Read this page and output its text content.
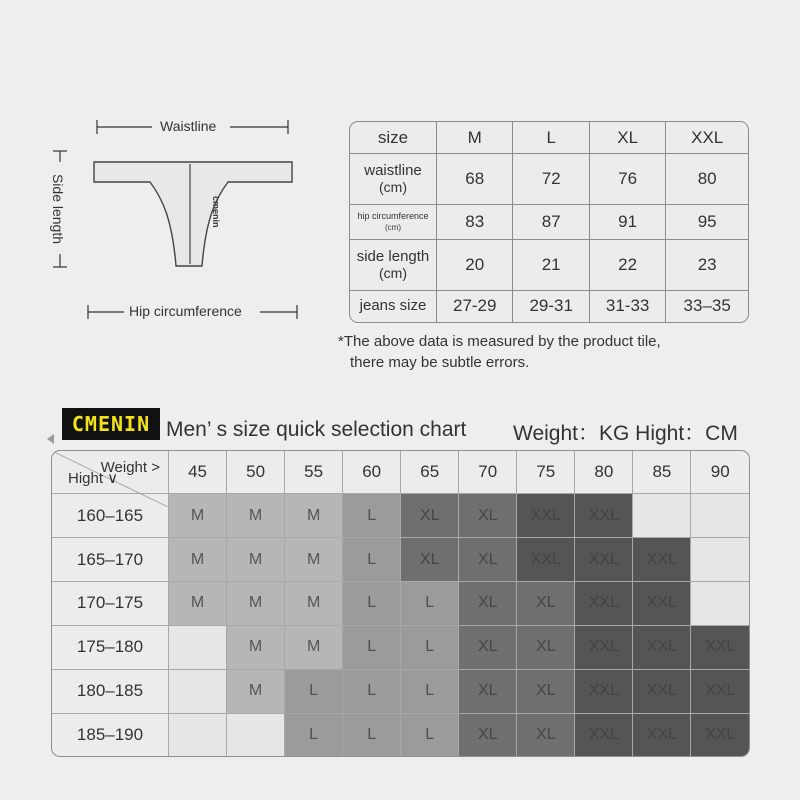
Waistline
Side length	cmenin
Hip circumference
size	M	L	XL	XXL
waistline
(cm)	68	72	76	80
hip circumference
(cm)	83	87	91	95
side length
(cm)	20	21	22	23
jeans size	27-29	29-31	31-33	33–35
*The above data is measured by the product tile,
there may be subtle errors.
CMENIN Men’ s size quick selection chart Weight：KG Hight：CM
Weight >
Hight ∨	45	50	55	60	65	70	75	80	85	90
160–165	M	M	M	L	XL	XL	XXL	XXL		
165–170	M	M	M	L	XL	XL	XXL	XXL	XXL	
170–175	M	M	M	L	L	XL	XL	XXL	XXL	
175–180		M	M	L	L	XL	XL	XXL	XXL	XXL
180–185		M	L	L	L	XL	XL	XXL	XXL	XXL
185–190			L	L	L	XL	XL	XXL	XXL	XXL
